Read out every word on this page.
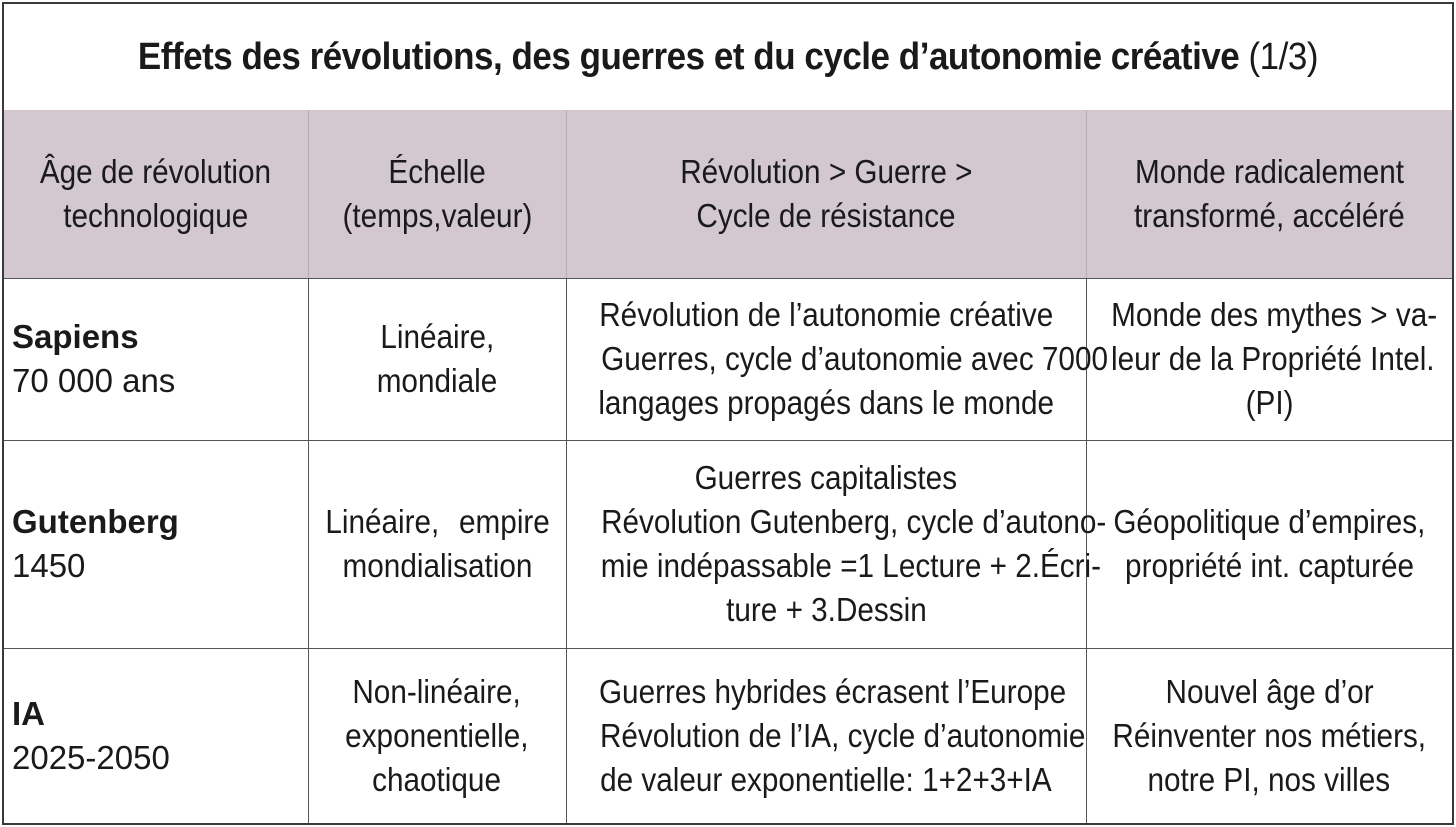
Effets des révolutions, des guerres et du cycle d’autonomie créative (1/3)
Âge de révolution technologique	Échelle (temps,valeur)	Révolution > Guerre > Cycle de résistance	Monde radicalement transformé, accéléré

Sapiens
70 000 ans	Linéaire, mondiale	Révolution de l’autonomie créative Guerres, cycle d’autonomie avec 7000 langages propagés dans le monde	Monde des mythes > va- leur de la Propriété Intel. (PI)

Gutenberg
1450	Linéaire, empire mondialisation	Guerres capitalistes Révolution Gutenberg, cycle d’autono- mie indépassable =1 Lecture + 2.Écri- ture + 3.Dessin	Géopolitique d’empires, propriété int. capturée

IA
2025-2050	Non-linéaire, exponentielle, chaotique	Guerres hybrides écrasent l’Europe Révolution de l’IA, cycle d’autonomie de valeur exponentielle: 1+2+3+IA	Nouvel âge d’or Réinventer nos métiers, notre PI, nos villes
